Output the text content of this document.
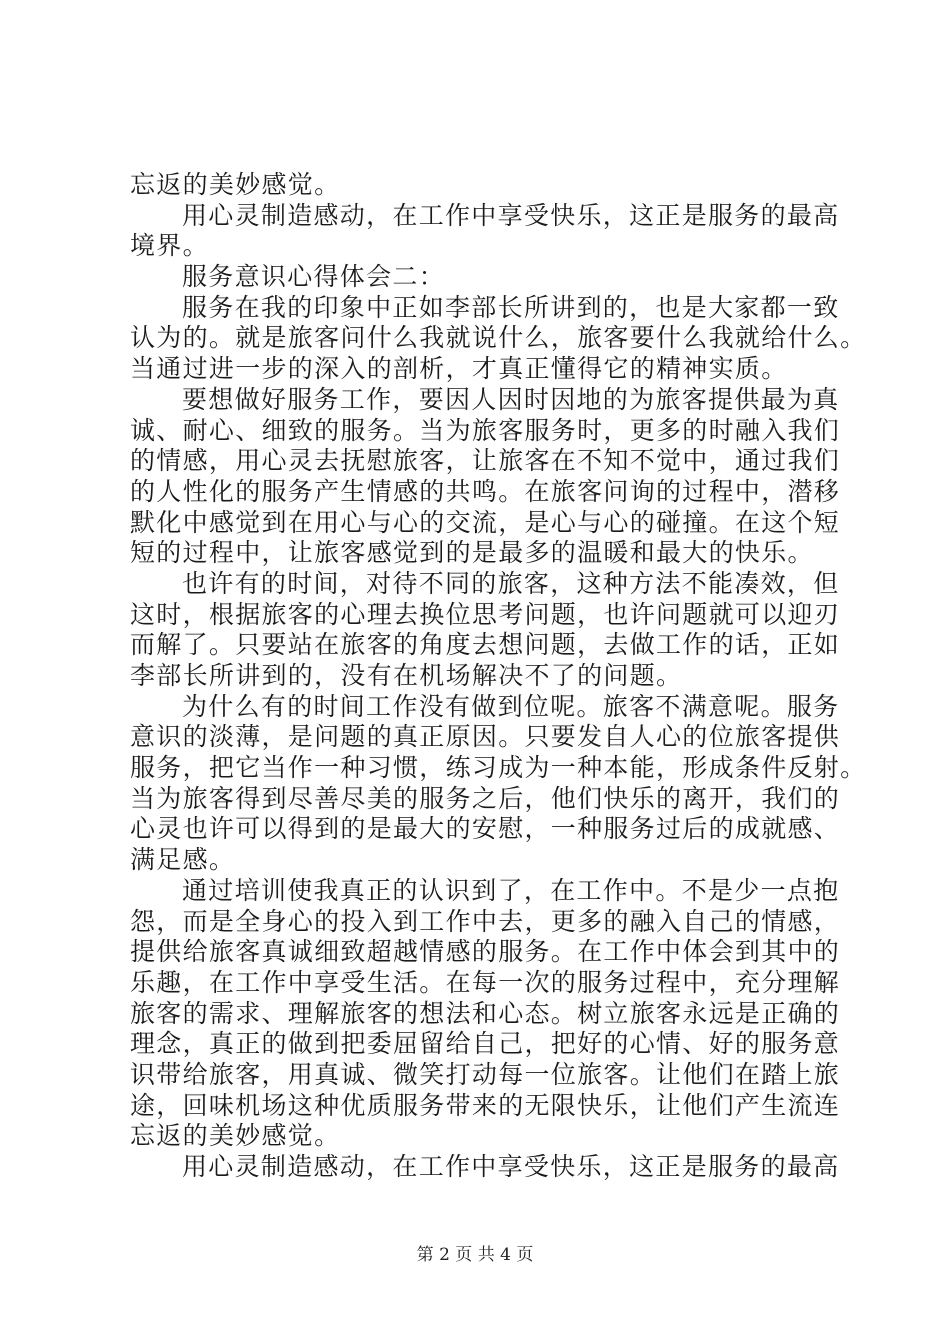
忘返的美妙感觉。
用心灵制造感动，在工作中享受快乐，这正是服务的最高
境界。
服务意识心得体会二：
服务在我的印象中正如李部长所讲到的，也是大家都一致
认为的。就是旅客问什么我就说什么，旅客要什么我就给什么。
当通过进一步的深入的剖析，才真正懂得它的精神实质。
要想做好服务工作，要因人因时因地的为旅客提供最为真
诚、耐心、细致的服务。当为旅客服务时，更多的时融入我们
的情感，用心灵去抚慰旅客，让旅客在不知不觉中，通过我们
的人性化的服务产生情感的共鸣。在旅客问询的过程中，潜移
默化中感觉到在用心与心的交流，是心与心的碰撞。在这个短
短的过程中，让旅客感觉到的是最多的温暖和最大的快乐。
也许有的时间，对待不同的旅客，这种方法不能凑效，但
这时，根据旅客的心理去换位思考问题，也许问题就可以迎刃
而解了。只要站在旅客的角度去想问题，去做工作的话，正如
李部长所讲到的，没有在机场解决不了的问题。
为什么有的时间工作没有做到位呢。旅客不满意呢。服务
意识的淡薄，是问题的真正原因。只要发自人心的位旅客提供
服务，把它当作一种习惯，练习成为一种本能，形成条件反射。
当为旅客得到尽善尽美的服务之后，他们快乐的离开，我们的
心灵也许可以得到的是最大的安慰，一种服务过后的成就感、
满足感。
通过培训使我真正的认识到了，在工作中。不是少一点抱
怨，而是全身心的投入到工作中去，更多的融入自己的情感，
提供给旅客真诚细致超越情感的服务。在工作中体会到其中的
乐趣，在工作中享受生活。在每一次的服务过程中，充分理解
旅客的需求、理解旅客的想法和心态。树立旅客永远是正确的
理念，真正的做到把委屈留给自己，把好的心情、好的服务意
识带给旅客，用真诚、微笑打动每一位旅客。让他们在踏上旅
途，回味机场这种优质服务带来的无限快乐，让他们产生流连
忘返的美妙感觉。
用心灵制造感动，在工作中享受快乐，这正是服务的最高
第 2 页 共 4 页
